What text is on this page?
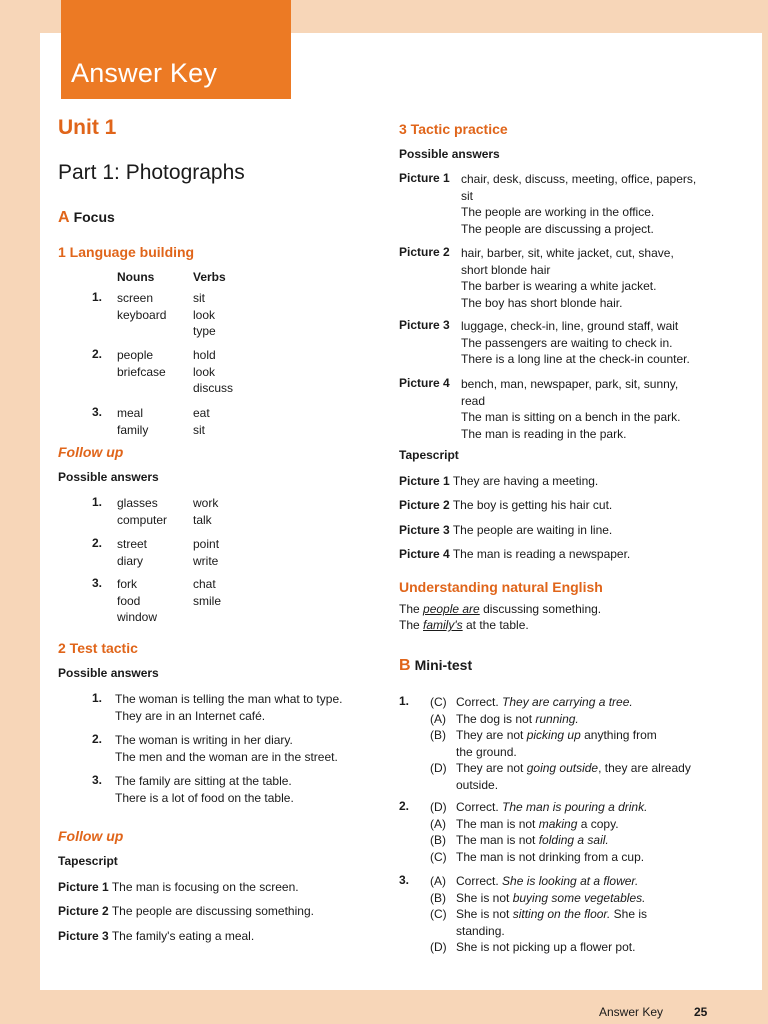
Answer Key
Unit 1
Part 1: Photographs
A Focus
1 Language building
Nouns	Verbs
1. screen
keyboard
sit
look
type
2. people
briefcase
hold
look
discuss
3. meal
family
eat
sit
Follow up
Possible answers
1. glasses
computer
work
talk
2. street
diary
point
write
3. fork
food
window
chat
smile
2 Test tactic
Possible answers
1. The woman is telling the man what to type.
They are in an Internet café.
2. The woman is writing in her diary.
The men and the woman are in the street.
3. The family are sitting at the table.
There is a lot of food on the table.
Follow up
Tapescript
Picture 1 The man is focusing on the screen.
Picture 2 The people are discussing something.
Picture 3 The family's eating a meal.
3 Tactic practice
Possible answers
Picture 1 chair, desk, discuss, meeting, office, papers,
sit
The people are working in the office.
The people are discussing a project.
Picture 2 hair, barber, sit, white jacket, cut, shave,
short blonde hair
The barber is wearing a white jacket.
The boy has short blonde hair.
Picture 3 luggage, check-in, line, ground staff, wait
The passengers are waiting to check in.
There is a long line at the check-in counter.
Picture 4 bench, man, newspaper, park, sit, sunny,
read
The man is sitting on a bench in the park.
The man is reading in the park.
Tapescript
Picture 1 They are having a meeting.
Picture 2 The boy is getting his hair cut.
Picture 3 The people are waiting in line.
Picture 4 The man is reading a newspaper.
Understanding natural English
The people are discussing something.
The family's at the table.
B Mini-test
1. (C) Correct. They are carrying a tree.
(A) The dog is not running.
(B) They are not picking up anything from
the ground.
(D) They are not going outside, they are already
outside.
2. (D) Correct. The man is pouring a drink.
(A) The man is not making a copy.
(B) The man is not folding a sail.
(C) The man is not drinking from a cup.
3. (A) Correct. She is looking at a flower.
(B) She is not buying some vegetables.
(C) She is not sitting on the floor. She is
standing.
(D) She is not picking up a flower pot.
Answer Key	25
